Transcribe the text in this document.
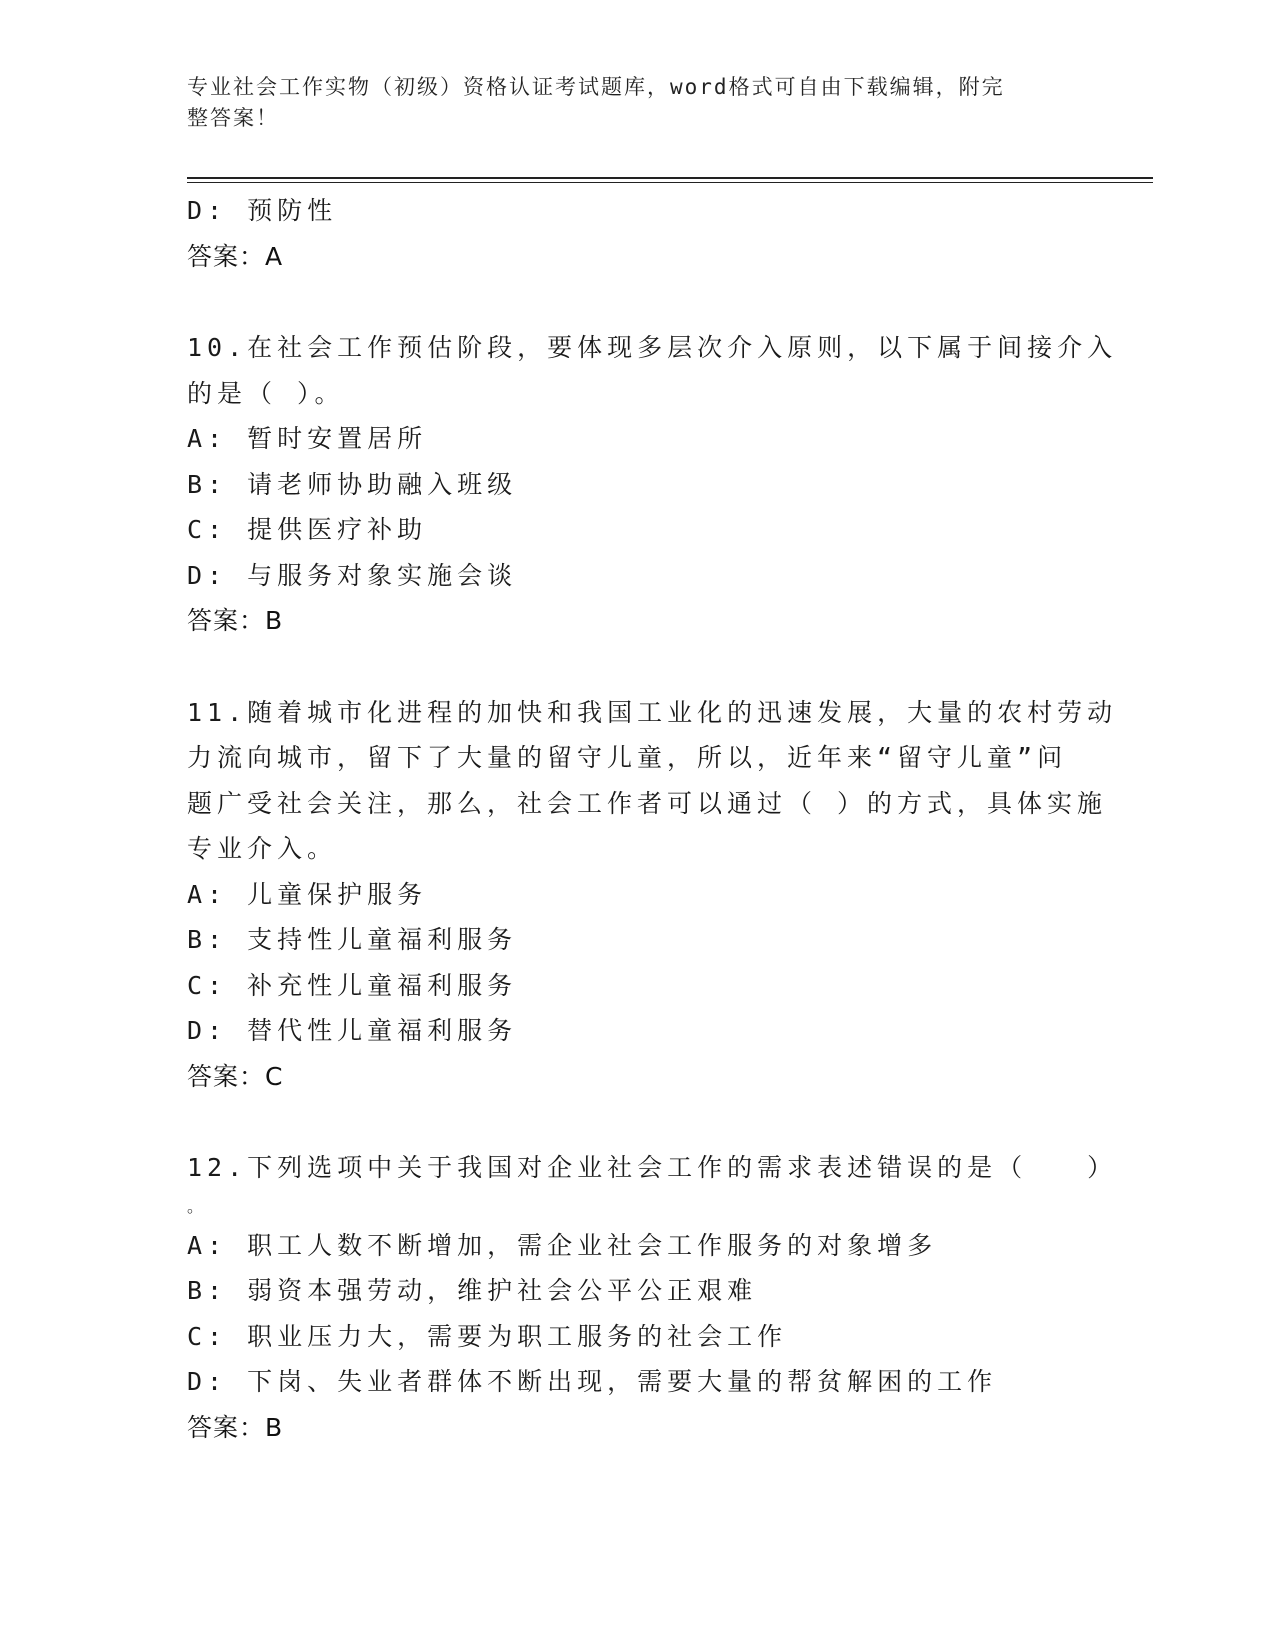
专业社会工作实物（初级）资格认证考试题库，word格式可自由下载编辑，附完
整答案！
D: 预防性
答案：A
10.在社会工作预估阶段，要体现多层次介入原则，以下属于间接介入
的是（ ）。
A: 暂时安置居所
B: 请老师协助融入班级
C: 提供医疗补助
D: 与服务对象实施会谈
答案：B
11.随着城市化进程的加快和我国工业化的迅速发展，大量的农村劳动
力流向城市，留下了大量的留守儿童，所以，近年来“留守儿童”问
题广受社会关注，那么，社会工作者可以通过（ ）的方式，具体实施
专业介入。
A: 儿童保护服务
B: 支持性儿童福利服务
C: 补充性儿童福利服务
D: 替代性儿童福利服务
答案：C
12.下列选项中关于我国对企业社会工作的需求表述错误的是（　　）
。
A: 职工人数不断增加，需企业社会工作服务的对象增多
B: 弱资本强劳动，维护社会公平公正艰难
C: 职业压力大，需要为职工服务的社会工作
D: 下岗、失业者群体不断出现，需要大量的帮贫解困的工作
答案：B
